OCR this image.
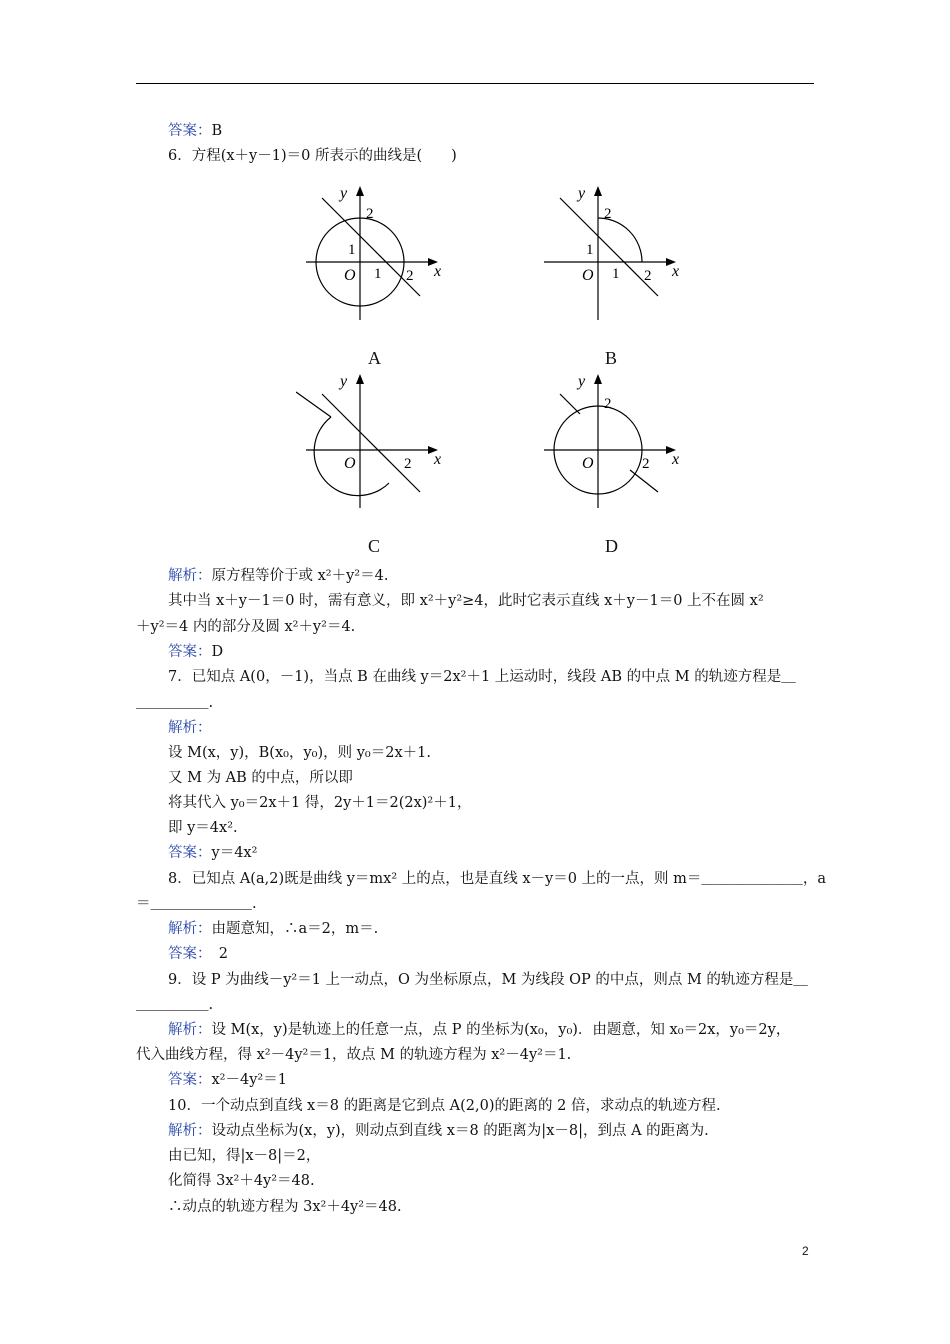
答案：B
6．方程(x＋y－1)＝0 所表示的曲线是(　　)
y
x
O
2
1
1 2
A
y
x
O
2
1
1 2
B
y
x
O	2
C
y
x
O
2
2
D
解析：原方程等价于或 x²＋y²＝4.
其中当 x＋y－1＝0 时，需有意义，即 x²＋y²≥4，此时它表示直线 x＋y－1＝0 上不在圆 x²
＋y²＝4 内的部分及圆 x²＋y²＝4.
答案：D
7．已知点 A(0，－1)，当点 B 在曲线 y＝2x²＋1 上运动时，线段 AB 的中点 M 的轨迹方程是＿
＿＿＿＿＿.
解析：
设 M(x，y)，B(x₀，y₀)，则 y₀＝2x＋1.
又 M 为 AB 的中点，所以即
将其代入 y₀＝2x＋1 得，2y＋1＝2(2x)²＋1，
即 y＝4x².
答案：y＝4x²
8．已知点 A(a,2)既是曲线 y＝mx² 上的点，也是直线 x－y＝0 上的一点，则 m＝＿＿＿＿＿＿＿，a
＝＿＿＿＿＿＿＿.
解析：由题意知，∴a＝2，m＝.
答案：　2
9．设 P 为曲线－y²＝1 上一动点，O 为坐标原点，M 为线段 OP 的中点，则点 M 的轨迹方程是＿
＿＿＿＿＿.
解析：设 M(x，y)是轨迹上的任意一点，点 P 的坐标为(x₀，y₀)．由题意，知 x₀＝2x，y₀＝2y，
代入曲线方程，得 x²－4y²＝1，故点 M 的轨迹方程为 x²－4y²＝1.
答案：x²－4y²＝1
10．一个动点到直线 x＝8 的距离是它到点 A(2,0)的距离的 2 倍，求动点的轨迹方程.
解析：设动点坐标为(x，y)，则动点到直线 x＝8 的距离为|x－8|，到点 A 的距离为.
由已知，得|x－8|＝2，
化简得 3x²＋4y²＝48.
∴动点的轨迹方程为 3x²＋4y²＝48.
2
